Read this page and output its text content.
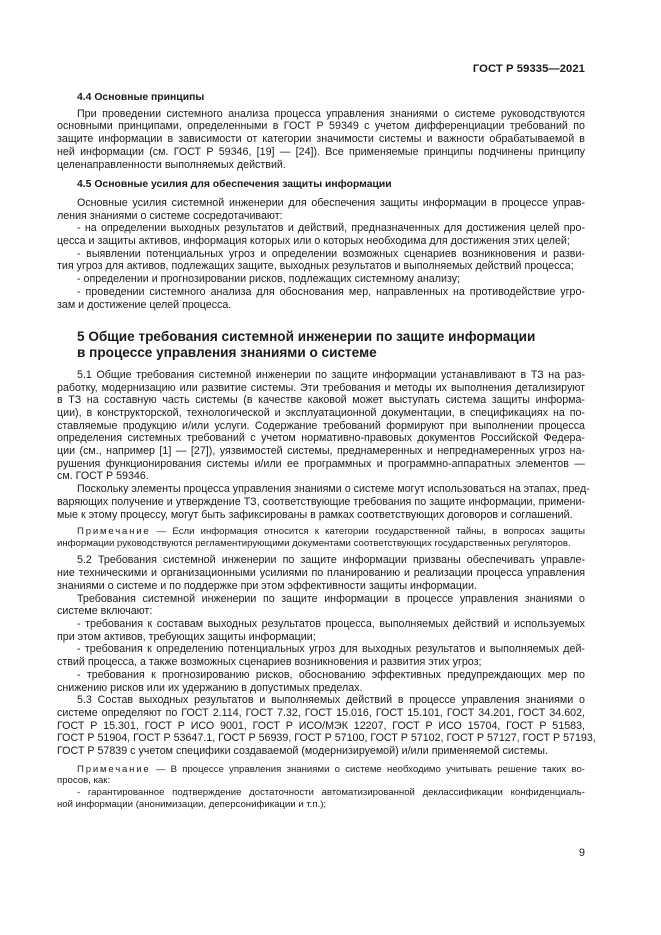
ГОСТ Р 59335—2021
4.4 Основные принципы
При проведении системного анализа процесса управления знаниями о системе руководствуются
основными принципами, определенными в ГОСТ Р 59349 с учетом дифференциации требований по
защите информации в зависимости от категории значимости системы и важности обрабатываемой в
ней информации (см. ГОСТ Р 59346, [19] — [24]). Все применяемые принципы подчинены принципу
целенаправленности выполняемых действий.
4.5 Основные усилия для обеспечения защиты информации
Основные усилия системной инженерии для обеспечения защиты информации в процессе управ-
ления знаниями о системе сосредотачивают:
- на определении выходных результатов и действий, предназначенных для достижения целей про-
цесса и защиты активов, информация которых или о которых необходима для достижения этих целей;
- выявлении потенциальных угроз и определении возможных сценариев возникновения и разви-
тия угроз для активов, подлежащих защите, выходных результатов и выполняемых действий процесса;
- определении и прогнозировании рисков, подлежащих системному анализу;
- проведении системного анализа для обоснования мер, направленных на противодействие угро-
зам и достижение целей процесса.
5 Общие требования системной инженерии по защите информации
в процессе управления знаниями о системе
5.1 Общие требования системной инженерии по защите информации устанавливают в ТЗ на раз-
работку, модернизацию или развитие системы. Эти требования и методы их выполнения детализируют
в ТЗ на составную часть системы (в качестве каковой может выступать система защиты информа-
ции), в конструкторской, технологической и эксплуатационной документации, в спецификациях на по-
ставляемые продукцию и/или услуги. Содержание требований формируют при выполнении процесса
определения системных требований с учетом нормативно-правовых документов Российской Федера-
ции (см., например [1] — [27]), уязвимостей системы, преднамеренных и непреднамеренных угроз на-
рушения функционирования системы и/или ее программных и программно-аппаратных элементов —
см. ГОСТ Р 59346.
Поскольку элементы процесса управления знаниями о системе могут использоваться на этапах, пред-
варяющих получение и утверждение ТЗ, соответствующие требования по защите информации, примени-
мые к этому процессу, могут быть зафиксированы в рамках соответствующих договоров и соглашений.
Примечание — Если информация относится к категории государственной тайны, в вопросах защиты
информации руководствуются регламентирующими документами соответствующих государственных регуляторов.
5.2 Требования системной инженерии по защите информации призваны обеспечивать управле-
ние техническими и организационными усилиями по планированию и реализации процесса управления
знаниями о системе и по поддержке при этом эффективности защиты информации.
Требования системной инженерии по защите информации в процессе управления знаниями о
системе включают:
- требования к составам выходных результатов процесса, выполняемых действий и используемых
при этом активов, требующих защиты информации;
- требования к определению потенциальных угроз для выходных результатов и выполняемых дей-
ствий процесса, а также возможных сценариев возникновения и развития этих угроз;
- требования к прогнозированию рисков, обоснованию эффективных предупреждающих мер по
снижению рисков или их удержанию в допустимых пределах.
5.3 Состав выходных результатов и выполняемых действий в процессе управления знаниями о
системе определяют по ГОСТ 2.114, ГОСТ 7.32, ГОСТ 15.016, ГОСТ 15.101, ГОСТ 34.201, ГОСТ 34.602,
ГОСТ Р 15.301, ГОСТ Р ИСО 9001, ГОСТ Р ИСО/МЭК 12207, ГОСТ Р ИСО 15704, ГОСТ Р 51583,
ГОСТ Р 51904, ГОСТ Р 53647.1, ГОСТ Р 56939, ГОСТ Р 57100, ГОСТ Р 57102, ГОСТ Р 57127, ГОСТ Р 57193,
ГОСТ Р 57839 с учетом специфики создаваемой (модернизируемой) и/или применяемой системы.
Примечание — В процессе управления знаниями о системе необходимо учитывать решение таких во-
просов, как:
- гарантированное подтверждение достаточности автоматизированной деклассификации конфиденциаль-
ной информации (анонимизации, деперсонификации и т.п.);
9
